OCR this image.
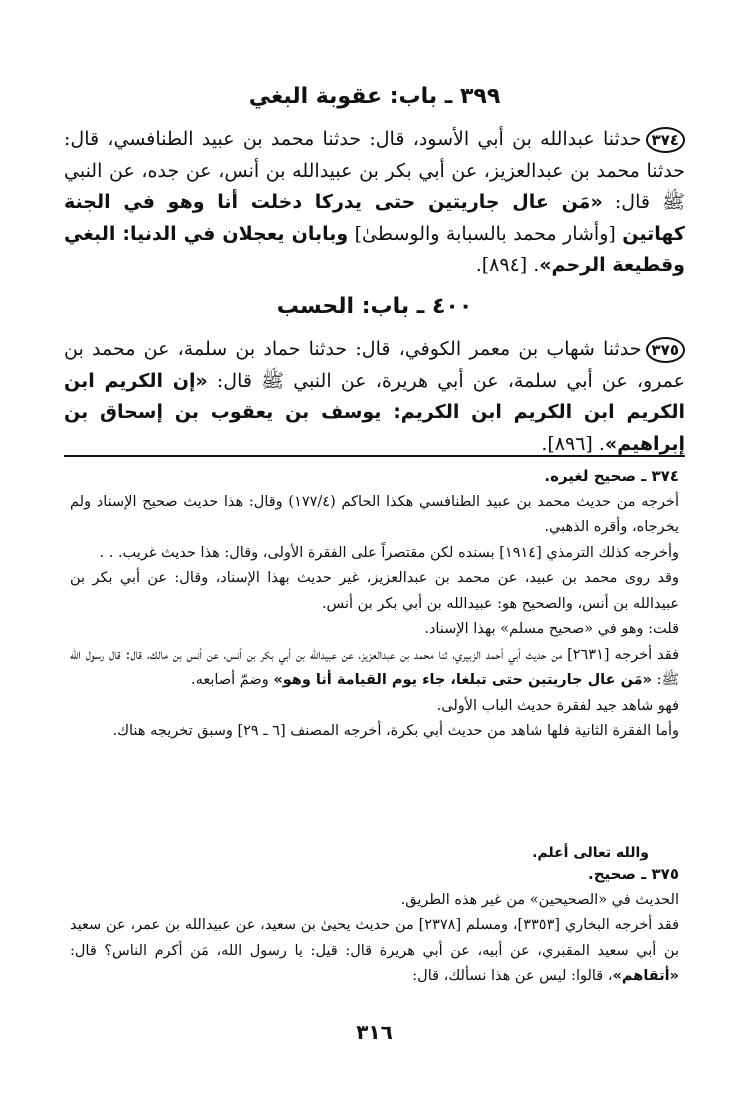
٣٩٩ ـ باب: عقوبة البغي
٣٧٤حدثنا عبدالله بن أبي الأسود، قال: حدثنا محمد بن عبيد الطنافسي، قال: حدثنا محمد بن عبدالعزيز، عن أبي بكر بن عبيدالله بن أنس، عن جده، عن النبي ﷺ قال: «مَن عال جاريتين حتى يدركا دخلت أنا وهو في الجنة كهاتين [وأشار محمد بالسبابة والوسطىٰ] وبابان يعجلان في الدنيا: البغي وقطيعة الرحم». [٨٩٤].
٤٠٠ ـ باب: الحسب
٣٧٥حدثنا شهاب بن معمر الكوفي، قال: حدثنا حماد بن سلمة، عن محمد بن عمرو، عن أبي سلمة، عن أبي هريرة، عن النبي ﷺ قال: «إن الكريم ابن الكريم ابن الكريم ابن الكريم: يوسف بن يعقوب بن إسحاق بن إبراهيم». [٨٩٦].

٣٧٤ ـ صحيح لغيره.

أخرجه من حديث محمد بن عبيد الطنافسي هكذا الحاكم (١٧٧/٤) وقال: هذا حديث صحيح الإسناد ولم يخرجاه، وأقره الذهبي.

وأخرجه كذلك الترمذي [١٩١٤] بسنده لكن مقتصراً على الفقرة الأولى، وقال: هذا حديث غريب. . .

وقد روى محمد بن عبيد، عن محمد بن عبدالعزيز، غير حديث بهذا الإسناد، وقال: عن أبي بكر بن عبيدالله بن أنس، والصحيح هو: عبيدالله بن أبي بكر بن أنس.

قلت: وهو في «صحيح مسلم» بهذا الإسناد.

فقد أخرجه [٢٦٣١] من حديث أبي أحمد الزبيري، ثنا محمد بن عبدالعزيز، عن عبيدالله بن أبي بكر بن أنس، عن أنس بن مالك، قال: قال رسول الله ﷺ: «مَن عال جاريتين حتى تبلغا، جاء يوم القيامة أنا وهو» وضمّ أصابعه.

فهو شاهد جيد لفقرة حديث الباب الأولى.

وأما الفقرة الثانية فلها شاهد من حديث أبي بكرة، أخرجه المصنف [٦ ـ ٢٩] وسبق تخريجه هناك.

والله تعالى أعلم.

٣٧٥ ـ صحيح.

الحديث في «الصحيحين» من غير هذه الطريق.

فقد أخرجه البخاري [٣٣٥٣]، ومسلم [٢٣٧٨] من حديث يحيىٰ بن سعيد، عن عبيدالله بن عمر، عن سعيد بن أبي سعيد المقبري، عن أبيه، عن أبي هريرة قال: قيل: يا رسول الله، مَن أكرم الناس؟ قال: «أتقاهم»، قالوا: ليس عن هذا نسألك، قال:

٣١٦
